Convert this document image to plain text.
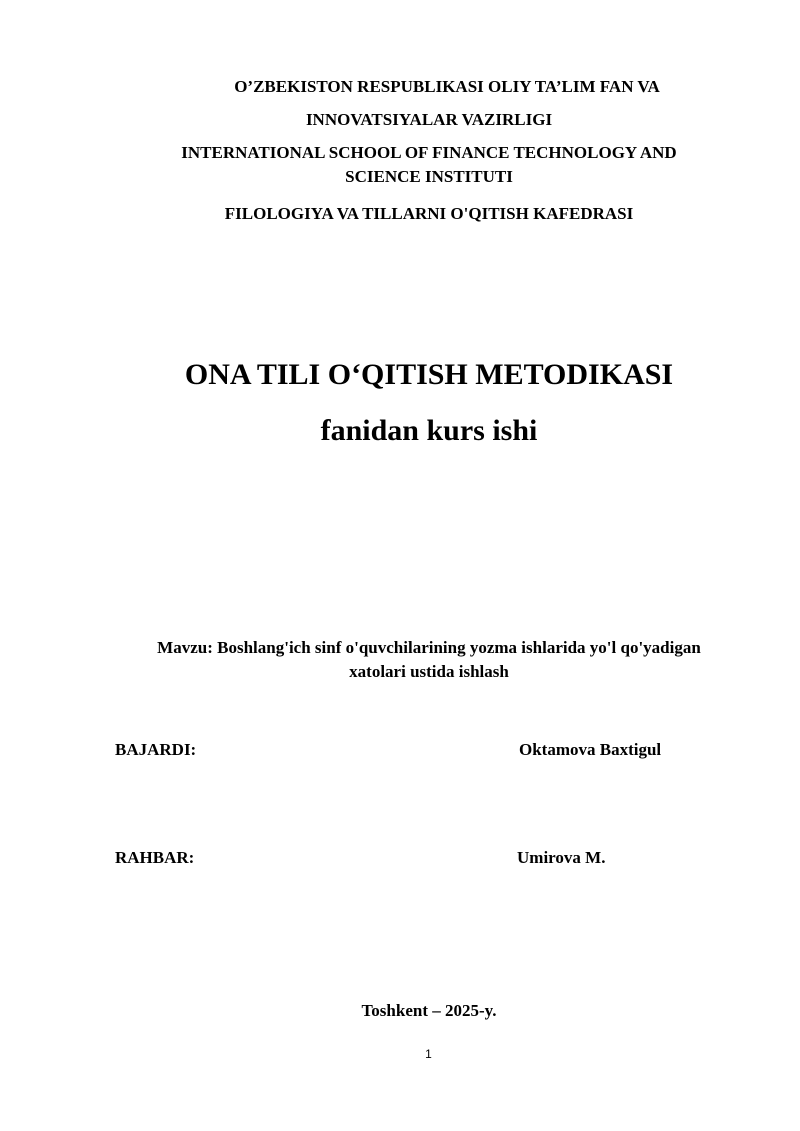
O’ZBEKISTON RESPUBLIKASI OLIY TA’LIM FAN VA
INNOVATSIYALAR VAZIRLIGI
INTERNATIONAL SCHOOL OF FINANCE TECHNOLOGY AND
SCIENCE INSTITUTI
FILOLOGIYA VA TILLARNI O'QITISH KAFEDRASI
ONA TILI O‘QITISH METODIKASI
fanidan kurs ishi
Mavzu: Boshlang'ich sinf o'quvchilarining yozma ishlarida yo'l qo'yadigan
xatolari ustida ishlash
BAJARDI:	Oktamova Baxtigul
RAHBAR:	Umirova M.
Toshkent – 2025-y.
1
